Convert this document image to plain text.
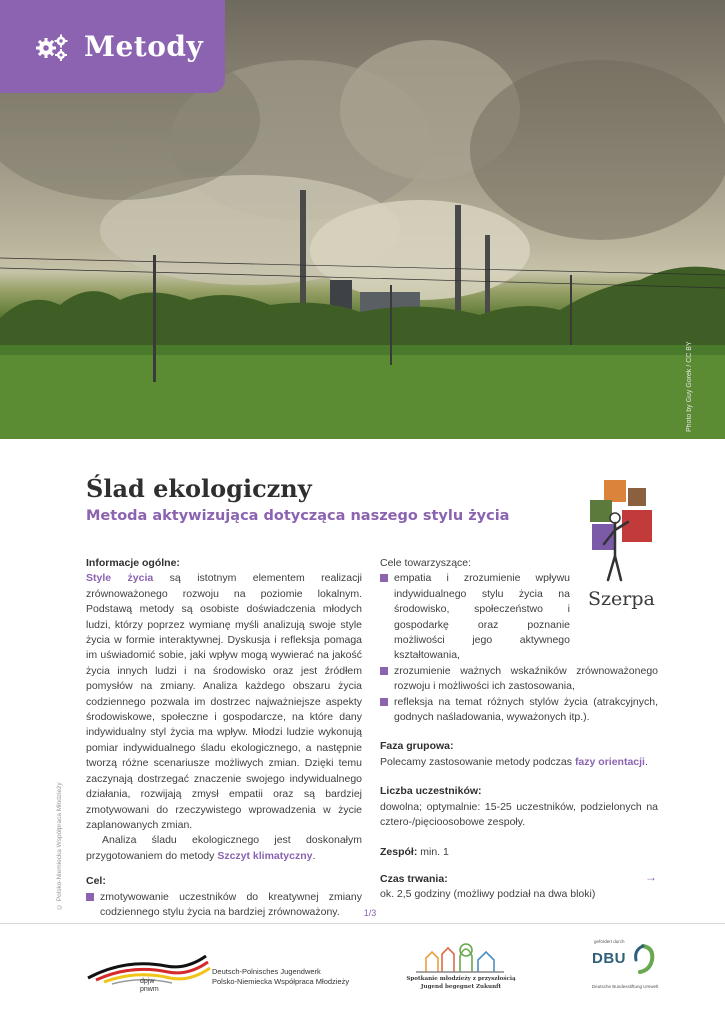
Photo by Guy Gorek / CC BY
Metody
Ślad ekologiczny
Metoda aktywizująca dotycząca naszego stylu życia
Szerpa
Informacje ogólne:

Style życia są istotnym elementem realizacji zrównoważonego rozwoju na poziomie lokalnym. Podstawą metody są osobiste doświadczenia młodych ludzi, którzy poprzez wymianę myśli analizują swoje style życia w formie interaktywnej. Dyskusja i refleksja pomaga im uświadomić sobie, jaki wpływ mogą wywierać na jakość życia innych ludzi i na środowisko oraz jest źródłem pomysłów na zmiany. Analiza każdego obszaru życia codziennego pozwala im dostrzec najważniejsze aspekty środowiskowe, społeczne i gospodarcze, na które dany indywidualny styl życia ma wpływ. Młodzi ludzie wykonują pomiar indywidualnego śladu ekologicznego, a następnie tworzą różne scenariusze możliwych zmian. Dzięki temu zaczynają dostrzegać znaczenie swojego indywidualnego działania, rozwijają zmysł empatii oraz są bardziej zmotywowani do rzeczywistego wprowadzenia w życie zaplanowanych zmian.

Analiza śladu ekologicznego jest doskonałym przygotowaniem do metody Szczyt klimatyczny.

Cel:
zmotywowanie uczestników do kreatywnej zmiany codziennego stylu życia na bardziej zrównoważony.
Cele towarzyszące:
empatia i zrozumienie wpływu indywidualnego stylu życia na środowisko, społeczeństwo i gospodarkę oraz poznanie możliwości jego aktywnego kształtowania,
zrozumienie ważnych wskaźników zrównoważonego rozwoju i możliwości ich zastosowania,
refleksja na temat różnych stylów życia (atrakcyjnych, godnych naśladowania, wyważonych itp.).
Faza grupowa:
Polecamy zastosowanie metody podczas fazy orientacji.
Liczba uczestników:
dowolna; optymalnie: 15-25 uczestników, podzielonych na cztero-/pięcioosobowe zespoły.
Zespół: min. 1
Czas trwania:
ok. 2,5 godziny (możliwy podział na dwa bloki)
→
1/3
© Polsko-Niemiecka Współpraca Młodzieży
dpjw
pnwm
Deutsch-Polnisches Jugendwerk
Polsko-Niemiecka Współpraca Młodzieży	Spotkanie młodzieży z przyszłością
Jugend begegnet Zukunft
gefördert durch
DBU
Deutsche Bundesstiftung Umwelt
